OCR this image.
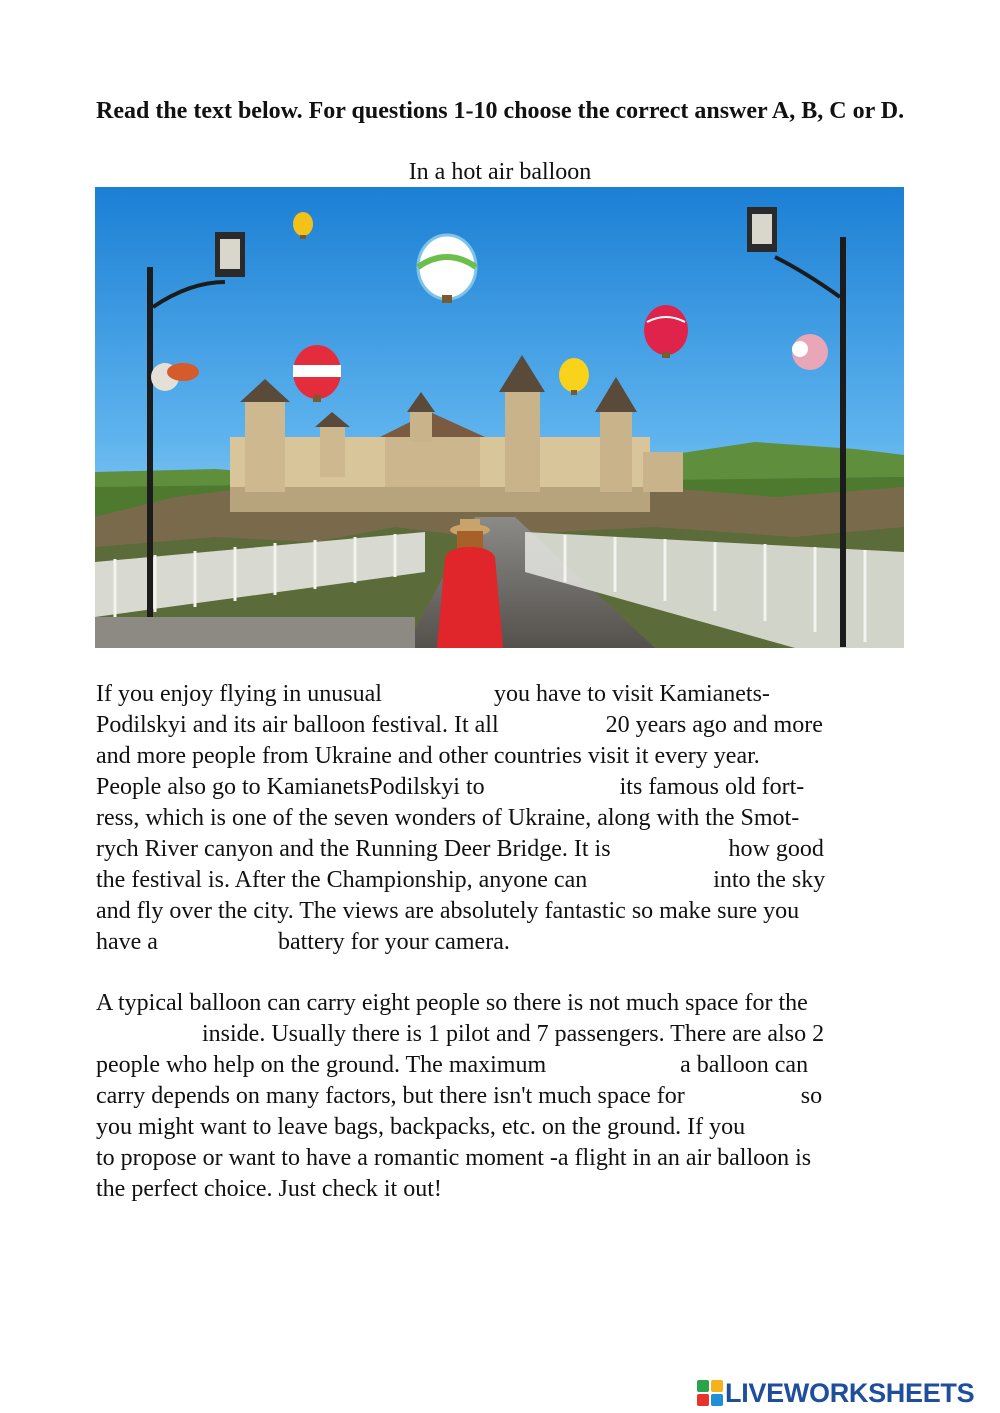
Read the text below. For questions 1-10 choose the correct answer A, B, C or D.

In a hot air balloon
If you enjoy flying in unusual	you have to visit Kamianets-
Podilskyi and its air balloon festival. It all	20 years ago and more
and more people from Ukraine and other countries visit it every year.
People also go to KamianetsPodilskyi to	its famous old fort-
ress, which is one of the seven wonders of Ukraine, along with the Smot-
rych River canyon and the Running Deer Bridge. It is	how good
the festival is. After the Championship, anyone can	into the sky
and fly over the city. The views are absolutely fantastic so make sure you
have a	battery for your camera.
A typical balloon can carry eight people so there is not much space for the
inside. Usually there is 1 pilot and 7 passengers. There are also 2
people who help on the ground. The maximum	a balloon can
carry depends on many factors, but there isn't much space for	so
you might want to leave bags, backpacks, etc. on the ground. If you
to propose or want to have a romantic moment -a flight in an air balloon is
the perfect choice. Just check it out!
LIVEWORKSHEETS
